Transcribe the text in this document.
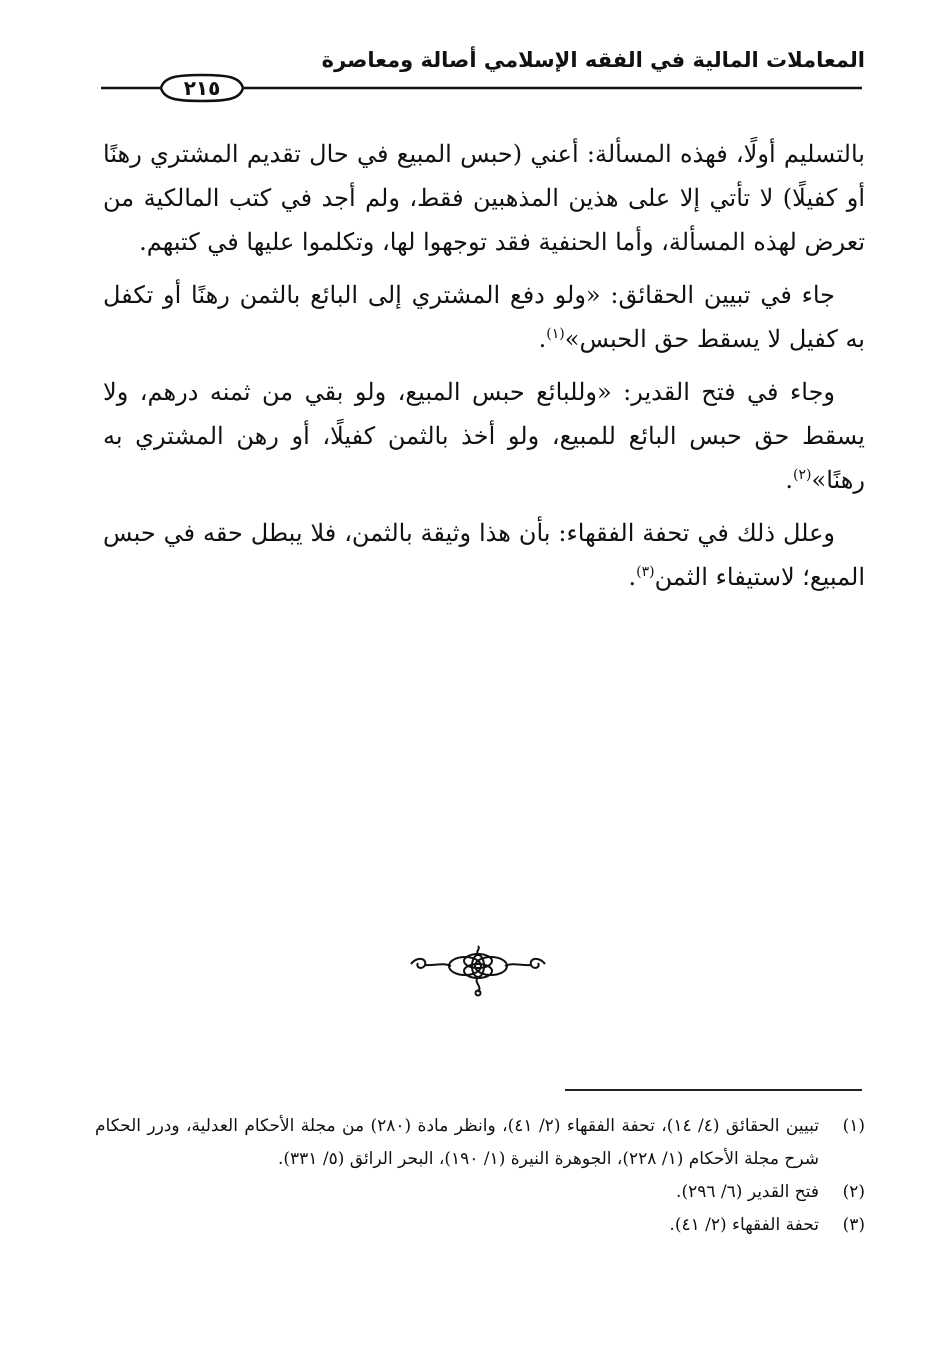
المعاملات المالية في الفقه الإسلامي أصالة ومعاصرة
٢١٥

بالتسليم أولًا، فهذه المسألة: أعني (حبس المبيع في حال تقديم المشتري رهنًا أو كفيلًا) لا تأتي إلا على هذين المذهبين فقط، ولم أجد في كتب المالكية من تعرض لهذه المسألة، وأما الحنفية فقد توجهوا لها، وتكلموا عليها في كتبهم.

جاء في تبيين الحقائق: «ولو دفع المشتري إلى البائع بالثمن رهنًا أو تكفل به كفيل لا يسقط حق الحبس»$^{(١)}$.

وجاء في فتح القدير: «وللبائع حبس المبيع، ولو بقي من ثمنه درهم، ولا يسقط حق حبس البائع للمبيع، ولو أخذ بالثمن كفيلًا، أو رهن المشتري به رهنًا»$^{(٢)}$.

وعلل ذلك في تحفة الفقهاء: بأن هذا وثيقة بالثمن، فلا يبطل حقه في حبس المبيع؛ لاستيفاء الثمن$^{(٣)}$.

(١)
تبيين الحقائق (٤/ ١٤)، تحفة الفقهاء (٢/ ٤١)، وانظر مادة (٢٨٠) من مجلة الأحكام العدلية، ودرر الحكام شرح مجلة الأحكام (١/ ٢٢٨)، الجوهرة النيرة (١/ ١٩٠)، البحر الرائق (٥/ ٣٣١).
(٢)
فتح القدير (٦/ ٢٩٦).
(٣)
تحفة الفقهاء (٢/ ٤١).
